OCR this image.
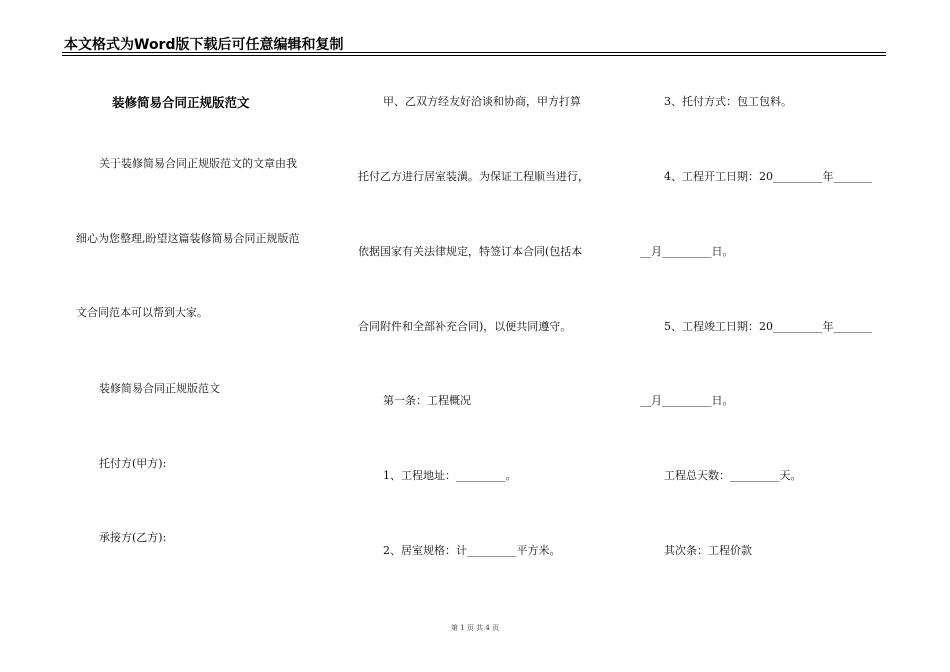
本文格式为Word版下载后可任意编辑和复制
装修简易合同正规版范文
关于装修简易合同正规版范文的文章由我
细心为您整理,盼望这篇装修简易合同正规版范
文合同范本可以帮到大家。
装修简易合同正规版范文
托付方(甲方):
承接方(乙方):
甲、乙双方经友好洽谈和协商，甲方打算
托付乙方进行居室装潢。为保证工程顺当进行，
依据国家有关法律规定，特签订本合同(包括本
合同附件和全部补充合同)，以便共同遵守。
第一条：工程概况
1、工程地址：_________。
2、居室规格：计_________平方米。
3、托付方式：包工包料。
4、工程开工日期：20_________年_______
__月_________日。
5、工程竣工日期：20_________年_______
__月_________日。
工程总天数：_________天。
其次条：工程价款
第 1 页 共 4 页
